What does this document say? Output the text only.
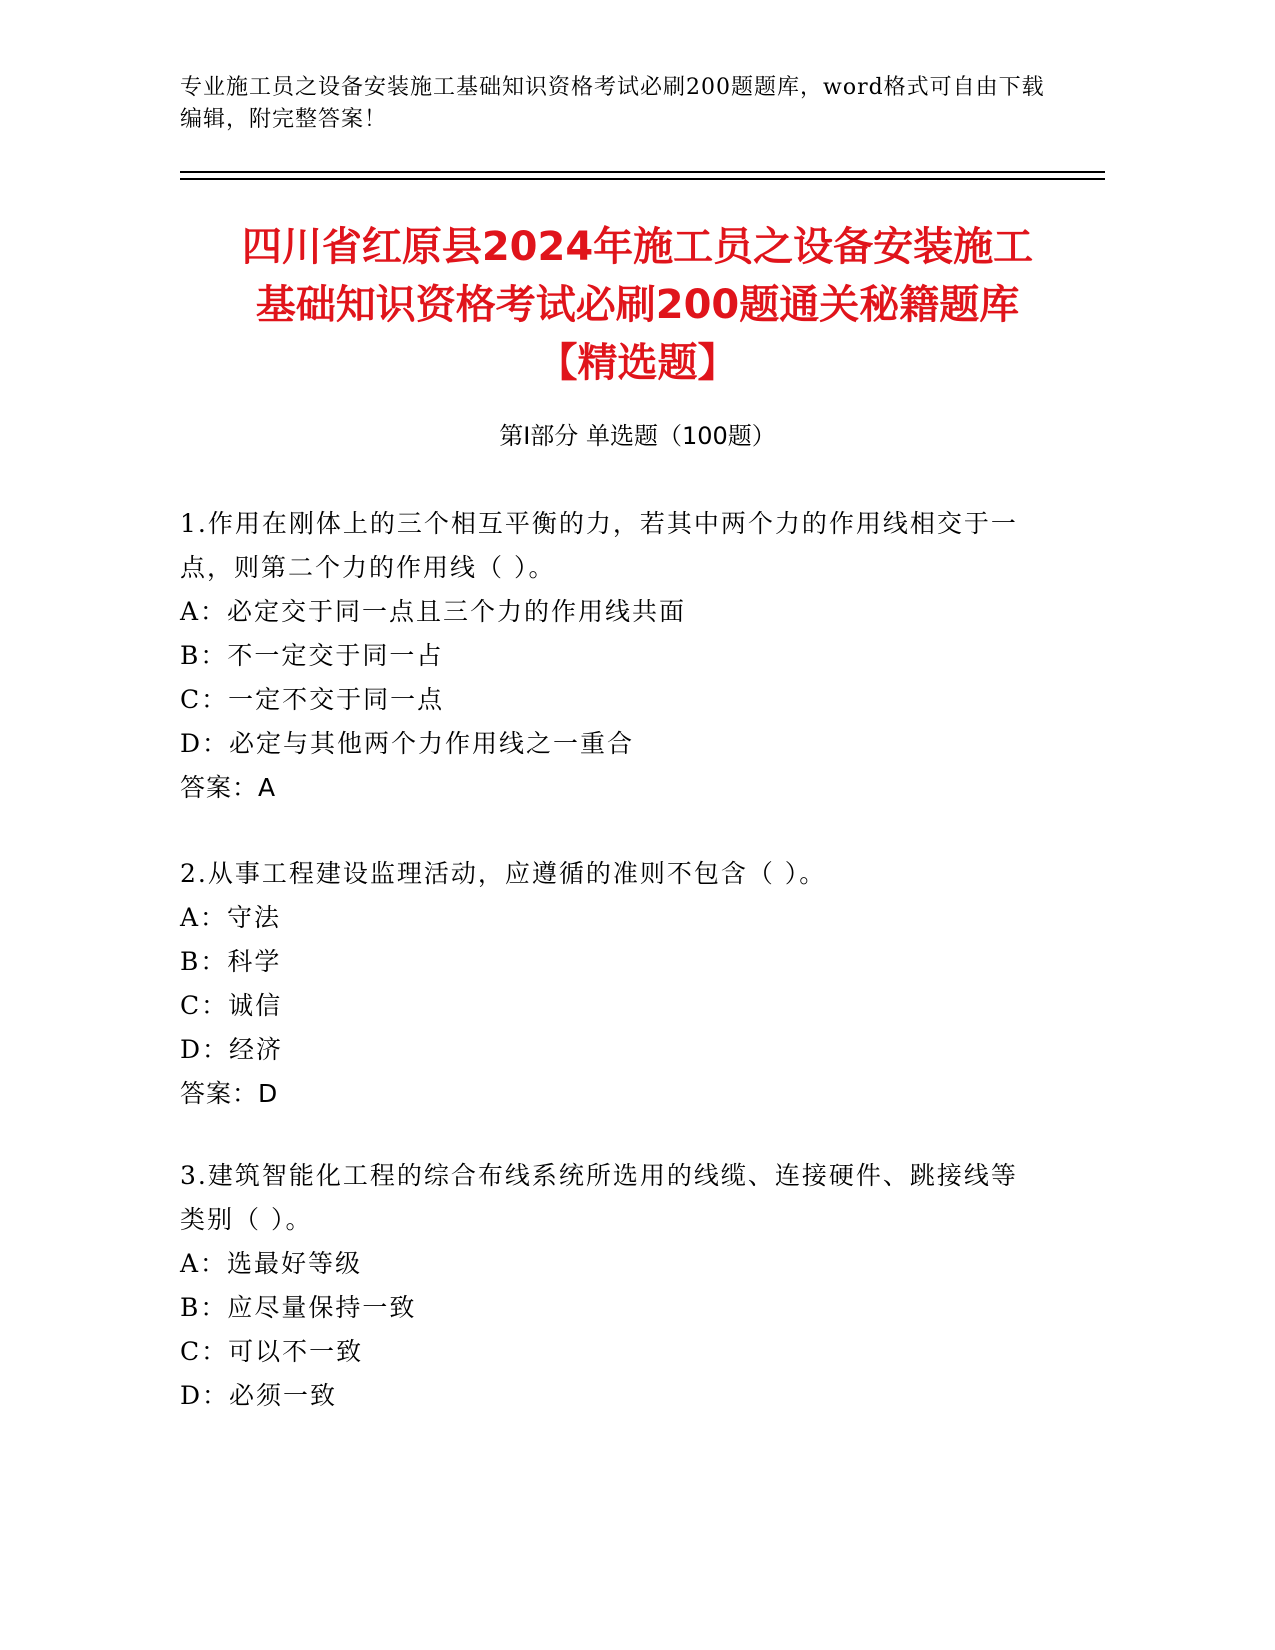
专业施工员之设备安装施工基础知识资格考试必刷200题题库，word格式可自由下载编辑，附完整答案！
四川省红原县2024年施工员之设备安装施工
基础知识资格考试必刷200题通关秘籍题库
【精选题】
第Ⅰ部分 单选题（100题）
1.作用在刚体上的三个相互平衡的力，若其中两个力的作用线相交于一点，则第二个力的作用线（ ）。
A：必定交于同一点且三个力的作用线共面
B：不一定交于同一占
C：一定不交于同一点
D：必定与其他两个力作用线之一重合
答案：A
2.从事工程建设监理活动，应遵循的准则不包含（ ）。
A：守法
B：科学
C：诚信
D：经济
答案：D
3.建筑智能化工程的综合布线系统所选用的线缆、连接硬件、跳接线等类别（ ）。
A：选最好等级
B：应尽量保持一致
C：可以不一致
D：必须一致
